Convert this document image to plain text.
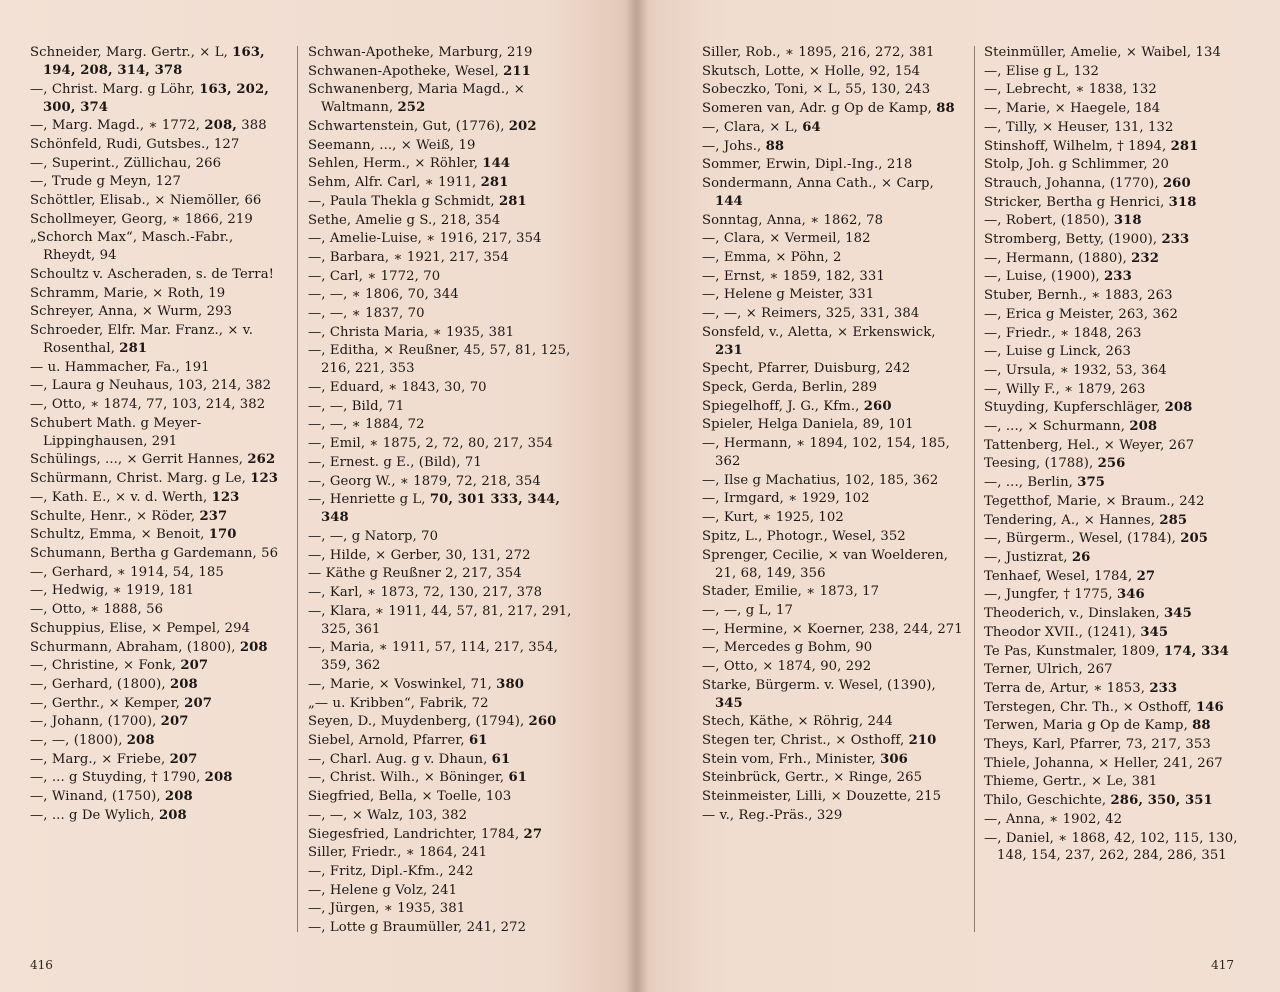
Schneider, Marg. Gertr., × L, 163, 194, 208, 314, 378
—, Christ. Marg. g Löhr, 163, 202, 300, 374
—, Marg. Magd., ∗ 1772, 208, 388
Schönfeld, Rudi, Gutsbes., 127
—, Superint., Züllichau, 266
—, Trude g Meyn, 127
Schöttler, Elisab., × Niemöller, 66
Schollmeyer, Georg, ∗ 1866, 219
„Schorch Max“, Masch.-Fabr., Rheydt, 94
Schoultz v. Ascheraden, s. de Terra!
Schramm, Marie, × Roth, 19
Schreyer, Anna, × Wurm, 293
Schroeder, Elfr. Mar. Franz., × v. Rosenthal, 281
— u. Hammacher, Fa., 191
—, Laura g Neuhaus, 103, 214, 382
—, Otto, ∗ 1874, 77, 103, 214, 382
Schubert Math. g Meyer-Lippinghausen, 291
Schülings, ..., × Gerrit Hannes, 262
Schürmann, Christ. Marg. g Le, 123
—, Kath. E., × v. d. Werth, 123
Schulte, Henr., × Röder, 237
Schultz, Emma, × Benoit, 170
Schumann, Bertha g Gardemann, 56
—, Gerhard, ∗ 1914, 54, 185
—, Hedwig, ∗ 1919, 181
—, Otto, ∗ 1888, 56
Schuppius, Elise, × Pempel, 294
Schurmann, Abraham, (1800), 208
—, Christine, × Fonk, 207
—, Gerhard, (1800), 208
—, Gerthr., × Kemper, 207
—, Johann, (1700), 207
—, —, (1800), 208
—, Marg., × Friebe, 207
—, ... g Stuyding, † 1790, 208
—, Winand, (1750), 208
—, ... g De Wylich, 208
Schwan-Apotheke, Marburg, 219
Schwanen-Apotheke, Wesel, 211
Schwanenberg, Maria Magd., × Waltmann, 252
Schwartenstein, Gut, (1776), 202
Seemann, ..., × Weiß, 19
Sehlen, Herm., × Röhler, 144
Sehm, Alfr. Carl, ∗ 1911, 281
—, Paula Thekla g Schmidt, 281
Sethe, Amelie g S., 218, 354
—, Amelie-Luise, ∗ 1916, 217, 354
—, Barbara, ∗ 1921, 217, 354
—, Carl, ∗ 1772, 70
—, —, ∗ 1806, 70, 344
—, —, ∗ 1837, 70
—, Christa Maria, ∗ 1935, 381
—, Editha, × Reußner, 45, 57, 81, 125, 216, 221, 353
—, Eduard, ∗ 1843, 30, 70
—, —, Bild, 71
—, —, ∗ 1884, 72
—, Emil, ∗ 1875, 2, 72, 80, 217, 354
—, Ernest. g E., (Bild), 71
—, Georg W., ∗ 1879, 72, 218, 354
—, Henriette g L, 70, 301 333, 344, 348
—, —, g Natorp, 70
—, Hilde, × Gerber, 30, 131, 272
— Käthe g Reußner 2, 217, 354
—, Karl, ∗ 1873, 72, 130, 217, 378
—, Klara, ∗ 1911, 44, 57, 81, 217, 291, 325, 361
—, Maria, ∗ 1911, 57, 114, 217, 354, 359, 362
—, Marie, × Voswinkel, 71, 380
„— u. Kribben“, Fabrik, 72
Seyen, D., Muydenberg, (1794), 260
Siebel, Arnold, Pfarrer, 61
—, Charl. Aug. g v. Dhaun, 61
—, Christ. Wilh., × Böninger, 61
Siegfried, Bella, × Toelle, 103
—, —, × Walz, 103, 382
Siegesfried, Landrichter, 1784, 27
Siller, Friedr., ∗ 1864, 241
—, Fritz, Dipl.-Kfm., 242
—, Helene g Volz, 241
—, Jürgen, ∗ 1935, 381
—, Lotte g Braumüller, 241, 272
416
Siller, Rob., ∗ 1895, 216, 272, 381
Skutsch, Lotte, × Holle, 92, 154
Sobeczko, Toni, × L, 55, 130, 243
Someren van, Adr. g Op de Kamp, 88
—, Clara, × L, 64
—, Johs., 88
Sommer, Erwin, Dipl.-Ing., 218
Sondermann, Anna Cath., × Carp, 144
Sonntag, Anna, ∗ 1862, 78
—, Clara, × Vermeil, 182
—, Emma, × Pöhn, 2
—, Ernst, ∗ 1859, 182, 331
—, Helene g Meister, 331
—, —, × Reimers, 325, 331, 384
Sonsfeld, v., Aletta, × Erkenswick, 231
Specht, Pfarrer, Duisburg, 242
Speck, Gerda, Berlin, 289
Spiegelhoff, J. G., Kfm., 260
Spieler, Helga Daniela, 89, 101
—, Hermann, ∗ 1894, 102, 154, 185, 362
—, Ilse g Machatius, 102, 185, 362
—, Irmgard, ∗ 1929, 102
—, Kurt, ∗ 1925, 102
Spitz, L., Photogr., Wesel, 352
Sprenger, Cecilie, × van Woelderen, 21, 68, 149, 356
Stader, Emilie, ∗ 1873, 17
—, —, g L, 17
—, Hermine, × Koerner, 238, 244, 271
—, Mercedes g Bohm, 90
—, Otto, × 1874, 90, 292
Starke, Bürgerm. v. Wesel, (1390), 345
Stech, Käthe, × Röhrig, 244
Stegen ter, Christ., × Osthoff, 210
Stein vom, Frh., Minister, 306
Steinbrück, Gertr., × Ringe, 265
Steinmeister, Lilli, × Douzette, 215
— v., Reg.-Präs., 329
Steinmüller, Amelie, × Waibel, 134
—, Elise g L, 132
—, Lebrecht, ∗ 1838, 132
—, Marie, × Haegele, 184
—, Tilly, × Heuser, 131, 132
Stinshoff, Wilhelm, † 1894, 281
Stolp, Joh. g Schlimmer, 20
Strauch, Johanna, (1770), 260
Stricker, Bertha g Henrici, 318
—, Robert, (1850), 318
Stromberg, Betty, (1900), 233
—, Hermann, (1880), 232
—, Luise, (1900), 233
Stuber, Bernh., ∗ 1883, 263
—, Erica g Meister, 263, 362
—, Friedr., ∗ 1848, 263
—, Luise g Linck, 263
—, Ursula, ∗ 1932, 53, 364
—, Willy F., ∗ 1879, 263
Stuyding, Kupferschläger, 208
—, ..., × Schurmann, 208
Tattenberg, Hel., × Weyer, 267
Teesing, (1788), 256
—, ..., Berlin, 375
Tegetthof, Marie, × Braum., 242
Tendering, A., × Hannes, 285
—, Bürgerm., Wesel, (1784), 205
—, Justizrat, 26
Tenhaef, Wesel, 1784, 27
—, Jungfer, † 1775, 346
Theoderich, v., Dinslaken, 345
Theodor XVII., (1241), 345
Te Pas, Kunstmaler, 1809, 174, 334
Terner, Ulrich, 267
Terra de, Artur, ∗ 1853, 233
Terstegen, Chr. Th., × Osthoff, 146
Terwen, Maria g Op de Kamp, 88
Theys, Karl, Pfarrer, 73, 217, 353
Thiele, Johanna, × Heller, 241, 267
Thieme, Gertr., × Le, 381
Thilo, Geschichte, 286, 350, 351
—, Anna, ∗ 1902, 42
—, Daniel, ∗ 1868, 42, 102, 115, 130, 148, 154, 237, 262, 284, 286, 351
417
